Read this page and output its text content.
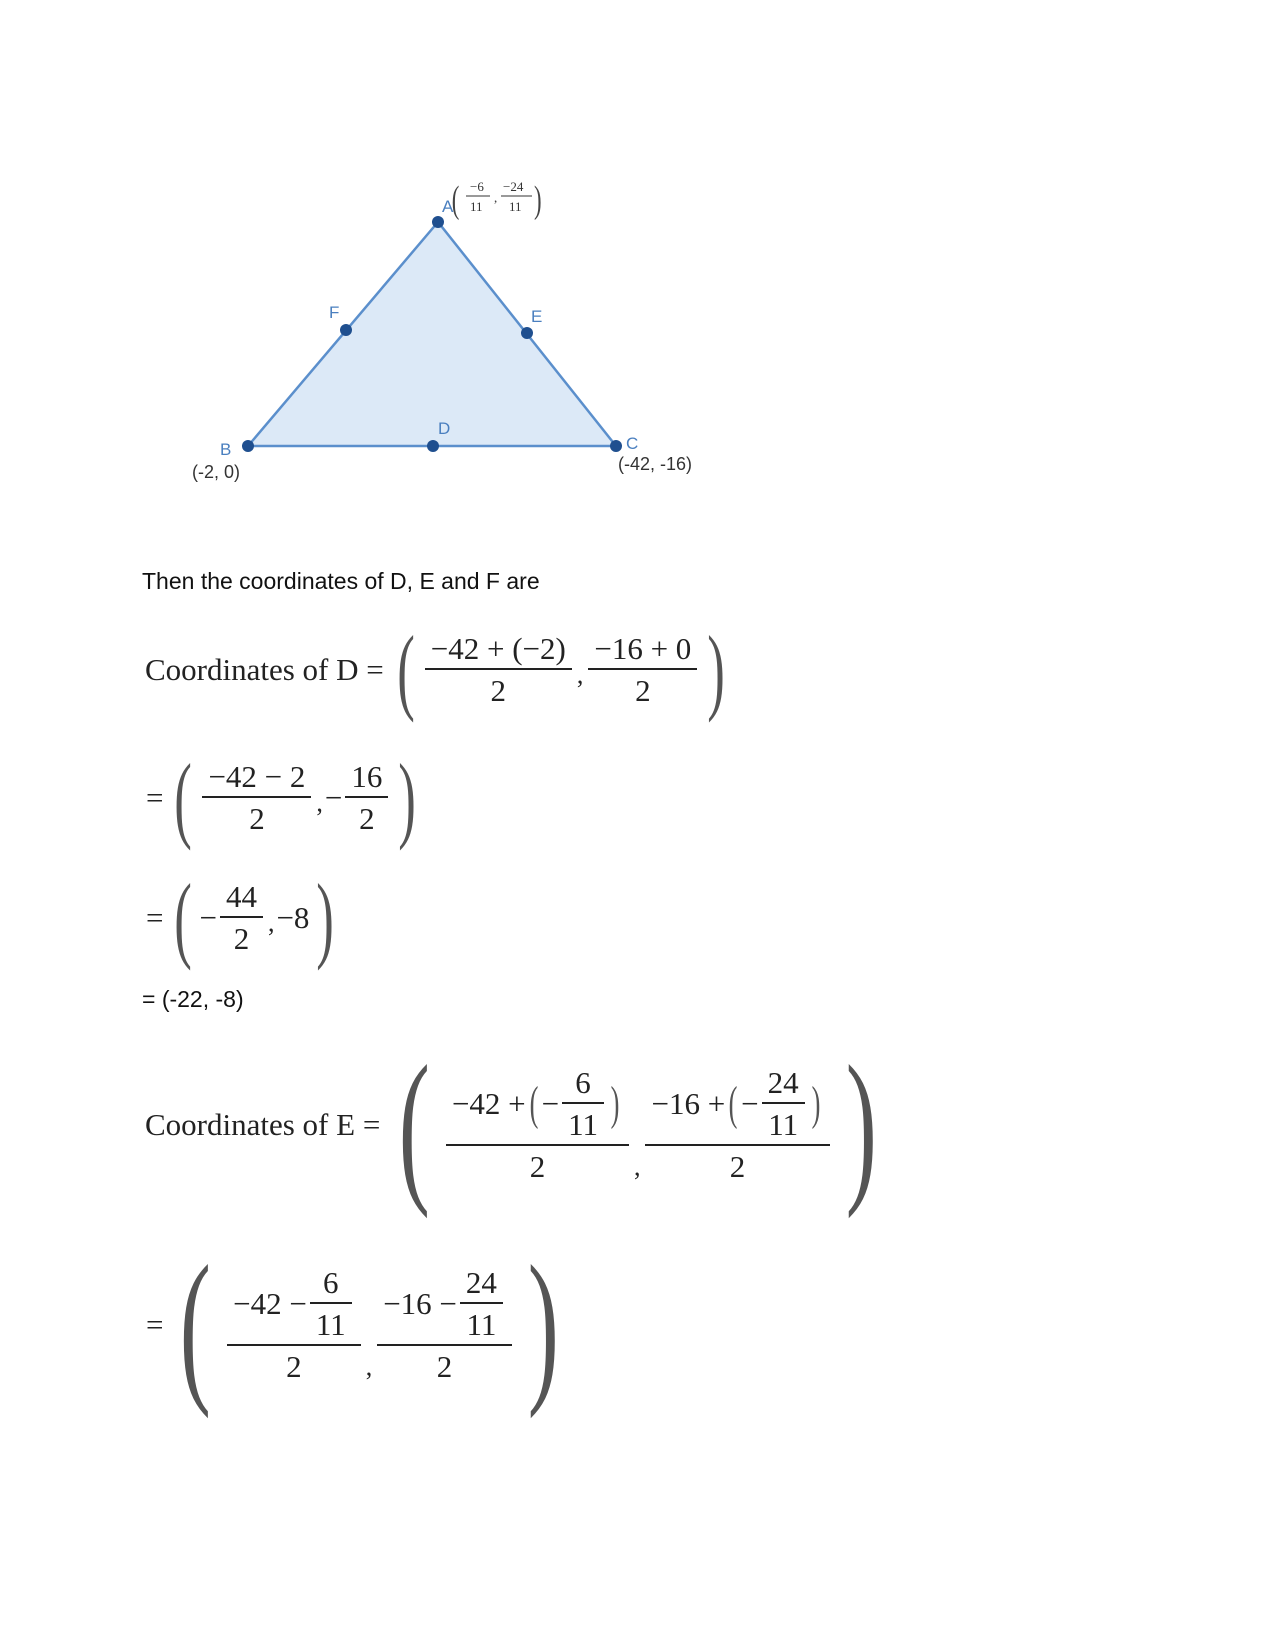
A
B	C
D
E
F
(-2, 0)	(-42, -16)
( −6
11
,
−24
11 )
Then the coordinates of D, E and F are
Coordinates of D = ( $\frac{-42 + (-2)}{2}$ , $\frac{-16 + 0}{2}$ )
= ( $\frac{-42 - 2}{2}$ , − $\frac{16}{2}$ )
= ( − $\frac{44}{2}$ , −8 )
= (-22, -8)
Coordinates of E = ( $\frac{-42 + ( - \frac{6}{11} )}{2}$ , $\frac{-16 + ( - \frac{24}{11} )}{2}$ )
= ( $\frac{-42 - \frac{6}{11}}{2}$ , $\frac{-16 - \frac{24}{11}}{2}$ )
